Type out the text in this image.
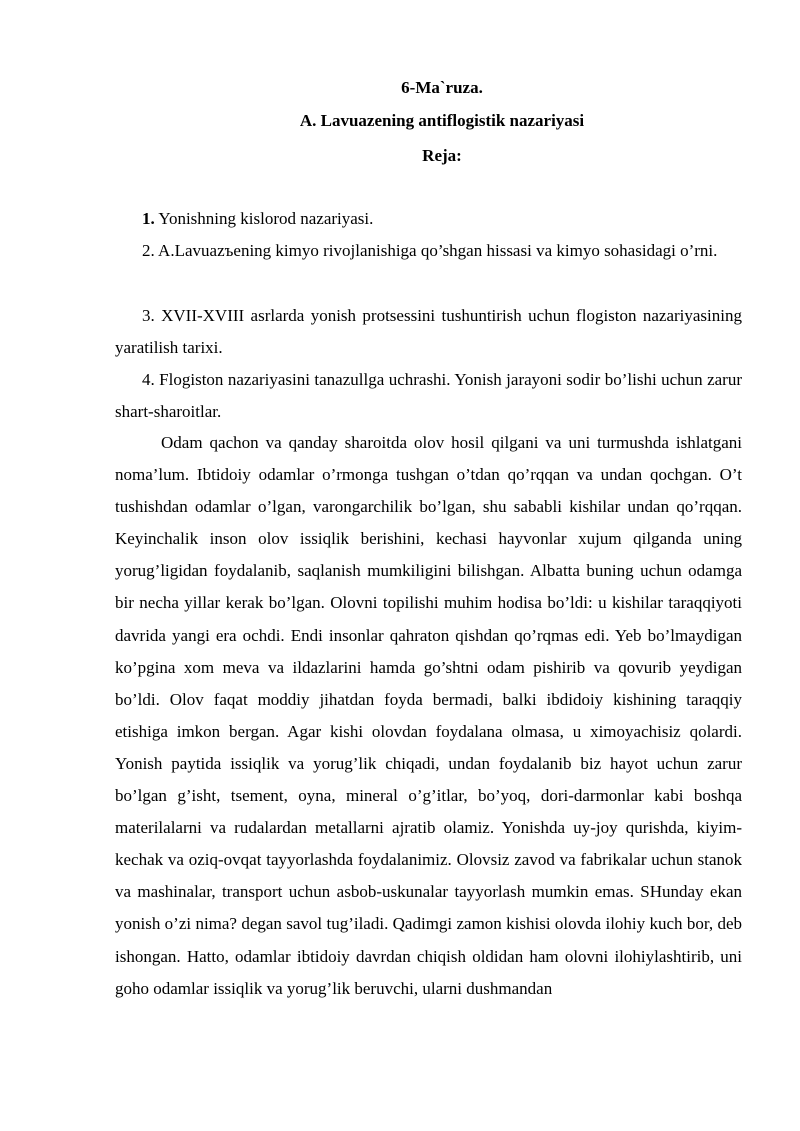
6-Ma`ruza.
A. Lavuazening antiflogistik nazariyasi
Reja:

1. Yonishning kislorod nazariyasi.

2. A.Lavuazъening kimyo rivojlanishiga qo’shgan hissasi va kimyo sohasidagi o’rni.

3. XVII-XVIII asrlarda yonish protsessini tushuntirish uchun flogiston nazariyasining yaratilish tarixi.

4. Flogiston nazariyasini tanazullga uchrashi. Yonish jarayoni sodir bo’lishi uchun zarur shart-sharoitlar.

Odam qachon va qanday sharoitda olov hosil qilgani va uni turmushda ishlatgani noma’lum. Ibtidoiy odamlar o’rmonga tushgan o’tdan qo’rqqan va undan qochgan. O’t tushishdan odamlar o’lgan, varongarchilik bo’lgan, shu sababli kishilar undan qo’rqqan. Keyinchalik inson olov issiqlik berishini, kechasi hayvonlar xujum qilganda uning yorug’ligidan foydalanib, saqlanish mumkiligini bilishgan. Albatta buning uchun odamga bir necha yillar kerak bo’lgan. Olovni topilishi muhim hodisa bo’ldi: u kishilar taraqqiyoti davrida yangi era ochdi. Endi insonlar qahraton qishdan qo’rqmas edi. Yeb bo’lmaydigan ko’pgina xom meva va ildazlarini hamda go’shtni odam pishirib va qovurib yeydigan bo’ldi. Olov faqat moddiy jihatdan foyda bermadi, balki ibdidoiy kishining taraqqiy etishiga imkon bergan. Agar kishi olovdan foydalana olmasa, u ximoyachisiz qolardi. Yonish paytida issiqlik va yorug’lik chiqadi, undan foydalanib biz hayot uchun zarur bo’lgan g’isht, tsement, oyna, mineral o’g’itlar, bo’yoq, dori-darmonlar kabi boshqa materilalarni va rudalardan metallarni ajratib olamiz. Yonishda uy-joy qurishda, kiyim-kechak va oziq-ovqat tayyorlashda foydalanimiz. Olovsiz zavod va fabrikalar uchun stanok va mashinalar, transport uchun asbob-uskunalar tayyorlash mumkin emas. SHunday ekan yonish o’zi nima? degan savol tug’iladi. Qadimgi zamon kishisi olovda ilohiy kuch bor, deb ishongan. Hatto, odamlar ibtidoiy davrdan chiqish oldidan ham olovni ilohiylashtirib, uni goho odamlar issiqlik va yorug’lik beruvchi, ularni dushmandan
